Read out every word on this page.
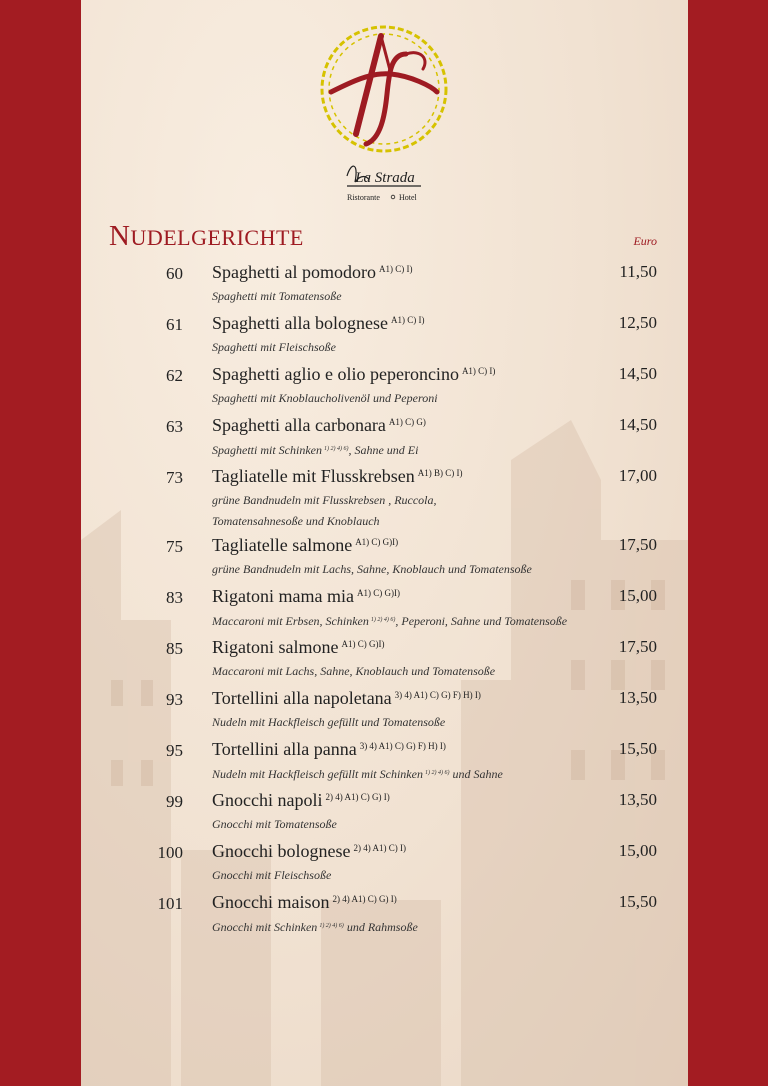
La Strada
Ristorante Hotel
NUDELGERICHTE	Euro
60 Spaghetti al pomodoro $^{A1) C) I)}$
Spaghetti mit Tomatensoße
11,50
61 Spaghetti alla bolognese $^{A1) C) I)}$
Spaghetti mit Fleischsoße
12,50
62 Spaghetti aglio e olio peperoncino $^{A1) C) I)}$
Spaghetti mit Knoblaucholivenöl und Peperoni
14,50
63 Spaghetti alla carbonara $^{A1) C) G)}$
Spaghetti mit Schinken $^{1) 2) 4) 6)}$, Sahne und Ei
14,50
73 Tagliatelle mit Flusskrebsen $^{A1) B) C) I)}$
grüne Bandnudeln mit Flusskrebsen , Ruccola,
Tomatensahnesoße und Knoblauch
17,00
75 Tagliatelle salmone $^{A1) C) G)I)}$
grüne Bandnudeln mit Lachs, Sahne, Knoblauch und Tomatensoße
17,50
83 Rigatoni mama mia $^{A1) C) G)I)}$
Maccaroni mit Erbsen, Schinken $^{1) 2) 4) 6)}$, Peperoni, Sahne und Tomatensoße
15,00
85 Rigatoni salmone $^{A1) C) G)I)}$
Maccaroni mit Lachs, Sahne, Knoblauch und Tomatensoße
17,50
93 Tortellini alla napoletana $^{3) 4) A1) C) G) F) H) I)}$
Nudeln mit Hackfleisch gefüllt und Tomatensoße
13,50
95 Tortellini alla panna $^{3) 4) A1) C) G) F) H) I)}$
Nudeln mit Hackfleisch gefüllt mit Schinken $^{1) 2) 4) 6)}$ und Sahne
15,50
99 Gnocchi napoli $^{2) 4) A1) C) G) I)}$
Gnocchi mit Tomatensoße
13,50
100 Gnocchi bolognese $^{2) 4) A1) C) I)}$
Gnocchi mit Fleischsoße
15,00
101 Gnocchi maison $^{2) 4) A1) C) G) I)}$
Gnocchi mit Schinken $^{1) 2) 4) 6)}$ und Rahmsoße
15,50
